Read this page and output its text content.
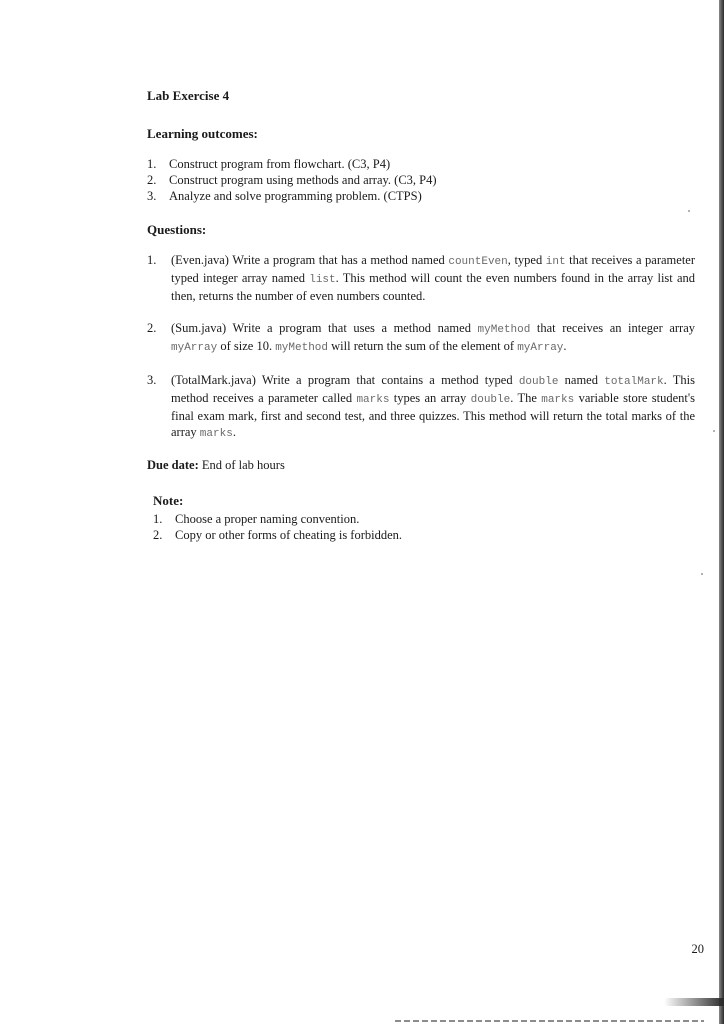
Lab Exercise 4

Learning outcomes:

1.	Construct program from flowchart. (C3, P4)
2.	Construct program using methods and array. (C3, P4)
3.	Analyze and solve programming problem. (CTPS)

Questions:

1.	(Even.java) Write a program that has a method named countEven, typed int that receives a parameter typed integer array named list. This method will count the even numbers found in the array list and then, returns the number of even numbers counted.
2.	(Sum.java) Write a program that uses a method named myMethod that receives an integer array myArray of size 10. myMethod will return the sum of the element of myArray.
3.	(TotalMark.java) Write a program that contains a method typed double named totalMark. This method receives a parameter called marks types an array double. The marks variable store student's final exam mark, first and second test, and three quizzes. This method will return the total marks of the array marks.

Due date: End of lab hours

Note:

1.	Choose a proper naming convention.
2.	Copy or other forms of cheating is forbidden.
20
